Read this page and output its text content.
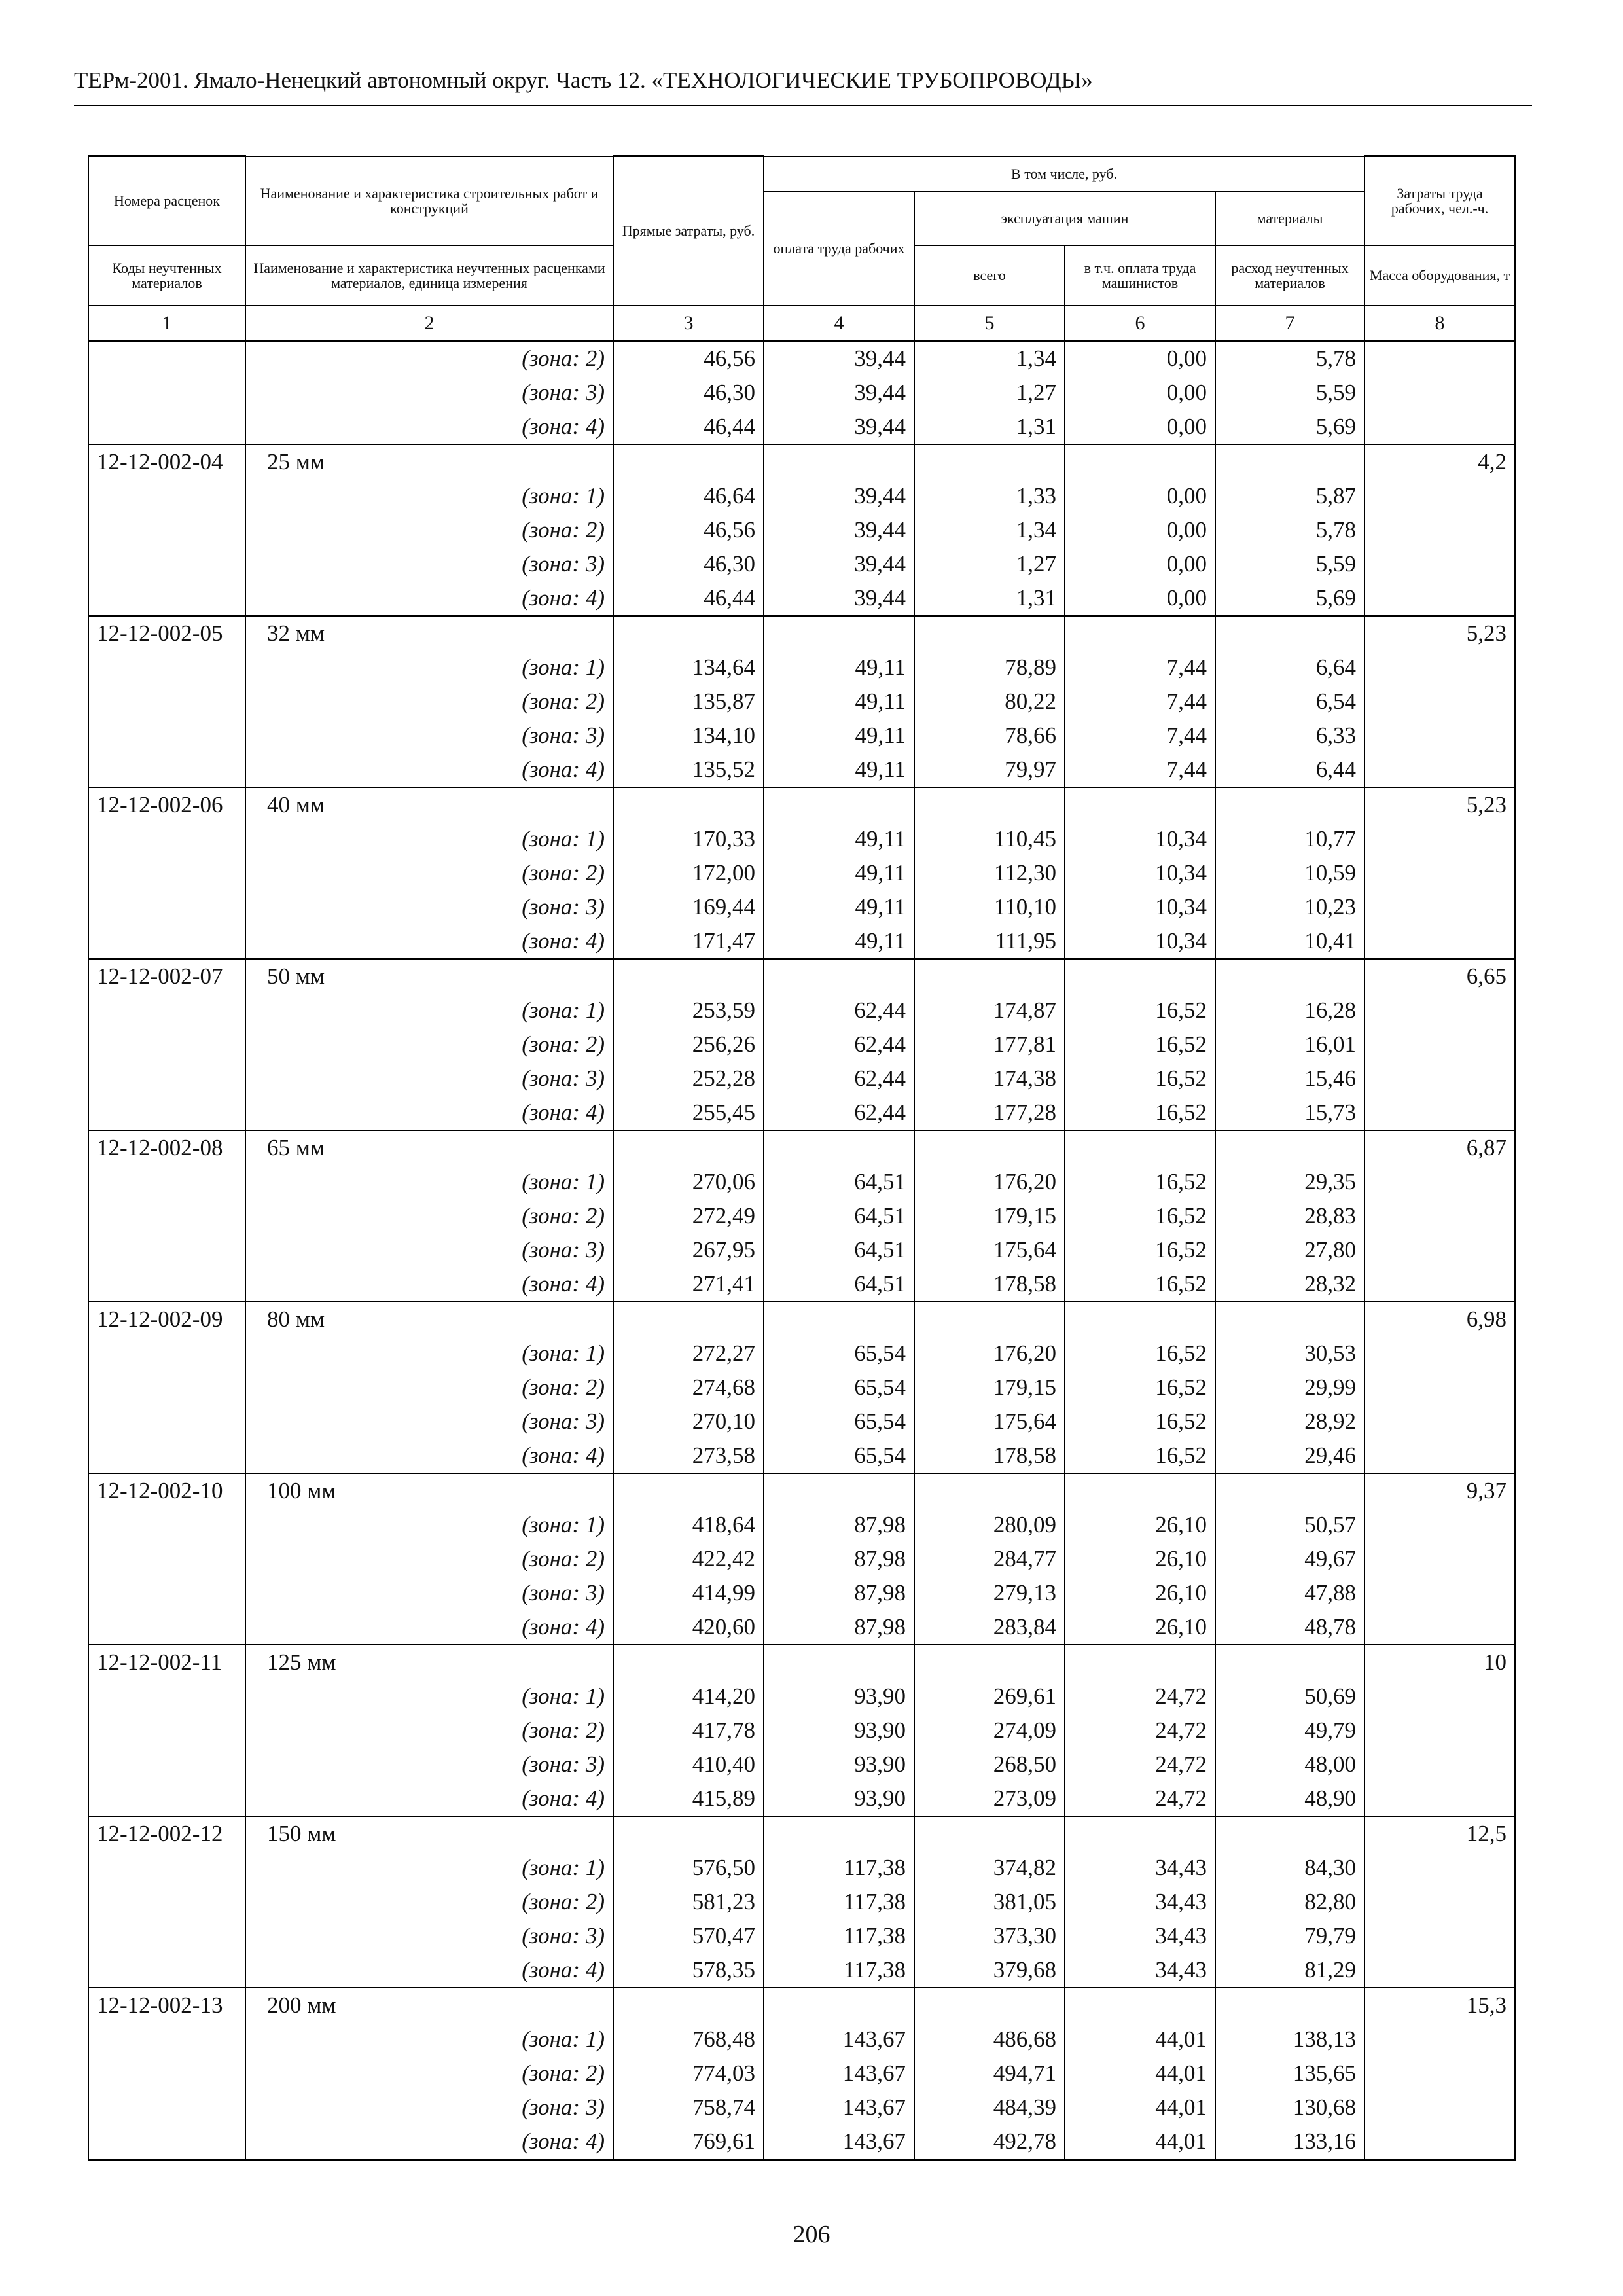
ТЕРм-2001. Ямало-Ненецкий автономный округ. Часть 12. «ТЕХНОЛОГИЧЕСКИЕ ТРУБОПРОВОДЫ»
Номера расценок	Наименование и характеристика строительных работ и конструкций	Прямые затраты, руб.	В том числе, руб.				Затраты труда рабочих, чел.-ч.
			оплата труда рабочих	эксплуатация машин		материалы	
Коды неучтенных материалов	Наименование и характеристика неучтенных расценками материалов, единица измерения			всего	в т.ч. оплата труда машинистов	расход неучтенных материалов	Масса оборудования, т
1	2	3	4	5	6	7	8
	(зона: 2)	46,56	39,44	1,34	0,00	5,78	
	(зона: 3)	46,30	39,44	1,27	0,00	5,59	
	(зона: 4)	46,44	39,44	1,31	0,00	5,69	
12-12-002-04	25 мм						4,2
	(зона: 1)	46,64	39,44	1,33	0,00	5,87	
	(зона: 2)	46,56	39,44	1,34	0,00	5,78	
	(зона: 3)	46,30	39,44	1,27	0,00	5,59	
	(зона: 4)	46,44	39,44	1,31	0,00	5,69	
12-12-002-05	32 мм						5,23
	(зона: 1)	134,64	49,11	78,89	7,44	6,64	
	(зона: 2)	135,87	49,11	80,22	7,44	6,54	
	(зона: 3)	134,10	49,11	78,66	7,44	6,33	
	(зона: 4)	135,52	49,11	79,97	7,44	6,44	
12-12-002-06	40 мм						5,23
	(зона: 1)	170,33	49,11	110,45	10,34	10,77	
	(зона: 2)	172,00	49,11	112,30	10,34	10,59	
	(зона: 3)	169,44	49,11	110,10	10,34	10,23	
	(зона: 4)	171,47	49,11	111,95	10,34	10,41	
12-12-002-07	50 мм						6,65
	(зона: 1)	253,59	62,44	174,87	16,52	16,28	
	(зона: 2)	256,26	62,44	177,81	16,52	16,01	
	(зона: 3)	252,28	62,44	174,38	16,52	15,46	
	(зона: 4)	255,45	62,44	177,28	16,52	15,73	
12-12-002-08	65 мм						6,87
	(зона: 1)	270,06	64,51	176,20	16,52	29,35	
	(зона: 2)	272,49	64,51	179,15	16,52	28,83	
	(зона: 3)	267,95	64,51	175,64	16,52	27,80	
	(зона: 4)	271,41	64,51	178,58	16,52	28,32	
12-12-002-09	80 мм						6,98
	(зона: 1)	272,27	65,54	176,20	16,52	30,53	
	(зона: 2)	274,68	65,54	179,15	16,52	29,99	
	(зона: 3)	270,10	65,54	175,64	16,52	28,92	
	(зона: 4)	273,58	65,54	178,58	16,52	29,46	
12-12-002-10	100 мм						9,37
	(зона: 1)	418,64	87,98	280,09	26,10	50,57	
	(зона: 2)	422,42	87,98	284,77	26,10	49,67	
	(зона: 3)	414,99	87,98	279,13	26,10	47,88	
	(зона: 4)	420,60	87,98	283,84	26,10	48,78	
12-12-002-11	125 мм						10
	(зона: 1)	414,20	93,90	269,61	24,72	50,69	
	(зона: 2)	417,78	93,90	274,09	24,72	49,79	
	(зона: 3)	410,40	93,90	268,50	24,72	48,00	
	(зона: 4)	415,89	93,90	273,09	24,72	48,90	
12-12-002-12	150 мм						12,5
	(зона: 1)	576,50	117,38	374,82	34,43	84,30	
	(зона: 2)	581,23	117,38	381,05	34,43	82,80	
	(зона: 3)	570,47	117,38	373,30	34,43	79,79	
	(зона: 4)	578,35	117,38	379,68	34,43	81,29	
12-12-002-13	200 мм						15,3
	(зона: 1)	768,48	143,67	486,68	44,01	138,13	
	(зона: 2)	774,03	143,67	494,71	44,01	135,65	
	(зона: 3)	758,74	143,67	484,39	44,01	130,68	
	(зона: 4)	769,61	143,67	492,78	44,01	133,16	
206
